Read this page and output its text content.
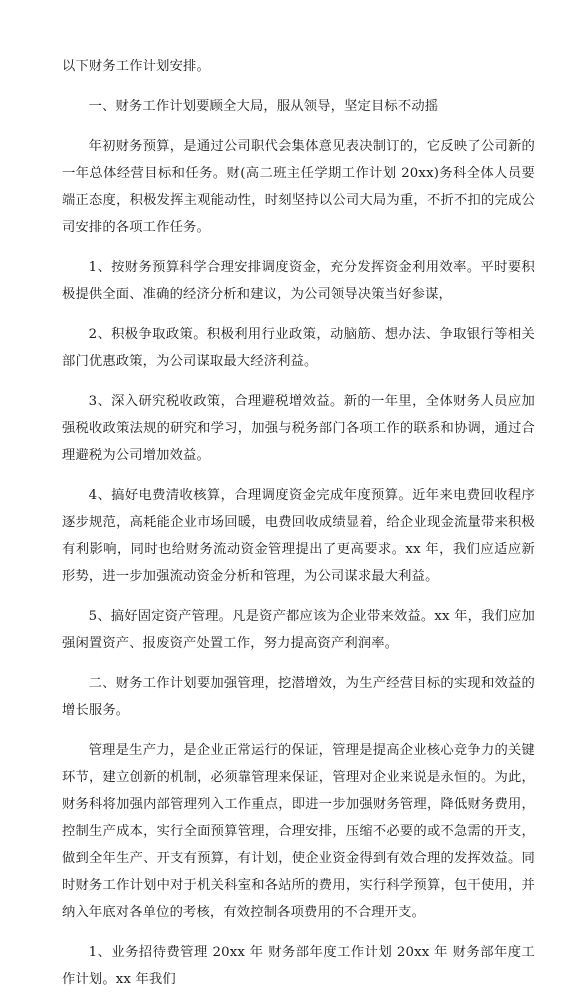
以下财务工作计划安排。

一、财务工作计划要顾全大局，服从领导，坚定目标不动摇

年初财务预算，是通过公司职代会集体意见表决制订的，它反映了公司新的一年总体经营目标和任务。财(高二班主任学期工作计划 20xx)务科全体人员要端正态度，积极发挥主观能动性，时刻坚持以公司大局为重，不折不扣的完成公司安排的各项工作任务。

1、按财务预算科学合理安排调度资金，充分发挥资金利用效率。平时要积极提供全面、准确的经济分析和建议，为公司领导决策当好参谋，

2、积极争取政策。积极利用行业政策，动脑筋、想办法、争取银行等相关部门优惠政策，为公司谋取最大经济利益。

3、深入研究税收政策，合理避税增效益。新的一年里，全体财务人员应加强税收政策法规的研究和学习，加强与税务部门各项工作的联系和协调，通过合理避税为公司增加效益。

4、搞好电费清收核算，合理调度资金完成年度预算。近年来电费回收程序逐步规范，高耗能企业市场回暖，电费回收成绩显着，给企业现金流量带来积极有利影响，同时也给财务流动资金管理提出了更高要求。xx 年，我们应适应新形势，进一步加强流动资金分析和管理，为公司谋求最大利益。

5、搞好固定资产管理。凡是资产都应该为企业带来效益。xx 年，我们应加强闲置资产、报废资产处置工作，努力提高资产利润率。

二、财务工作计划要加强管理，挖潜增效，为生产经营目标的实现和效益的增长服务。

管理是生产力，是企业正常运行的保证，管理是提高企业核心竞争力的关键环节，建立创新的机制，必须靠管理来保证，管理对企业来说是永恒的。为此，财务科将加强内部管理列入工作重点，即进一步加强财务管理，降低财务费用，控制生产成本，实行全面预算管理，合理安排，压缩不必要的或不急需的开支，做到全年生产、开支有预算，有计划，使企业资金得到有效合理的发挥效益。同时财务工作计划中对于机关科室和各站所的费用，实行科学预算，包干使用，并纳入年底对各单位的考核，有效控制各项费用的不合理开支。

1、业务招待费管理 20xx 年 财务部年度工作计划 20xx 年 财务部年度工作计划。xx 年我们
